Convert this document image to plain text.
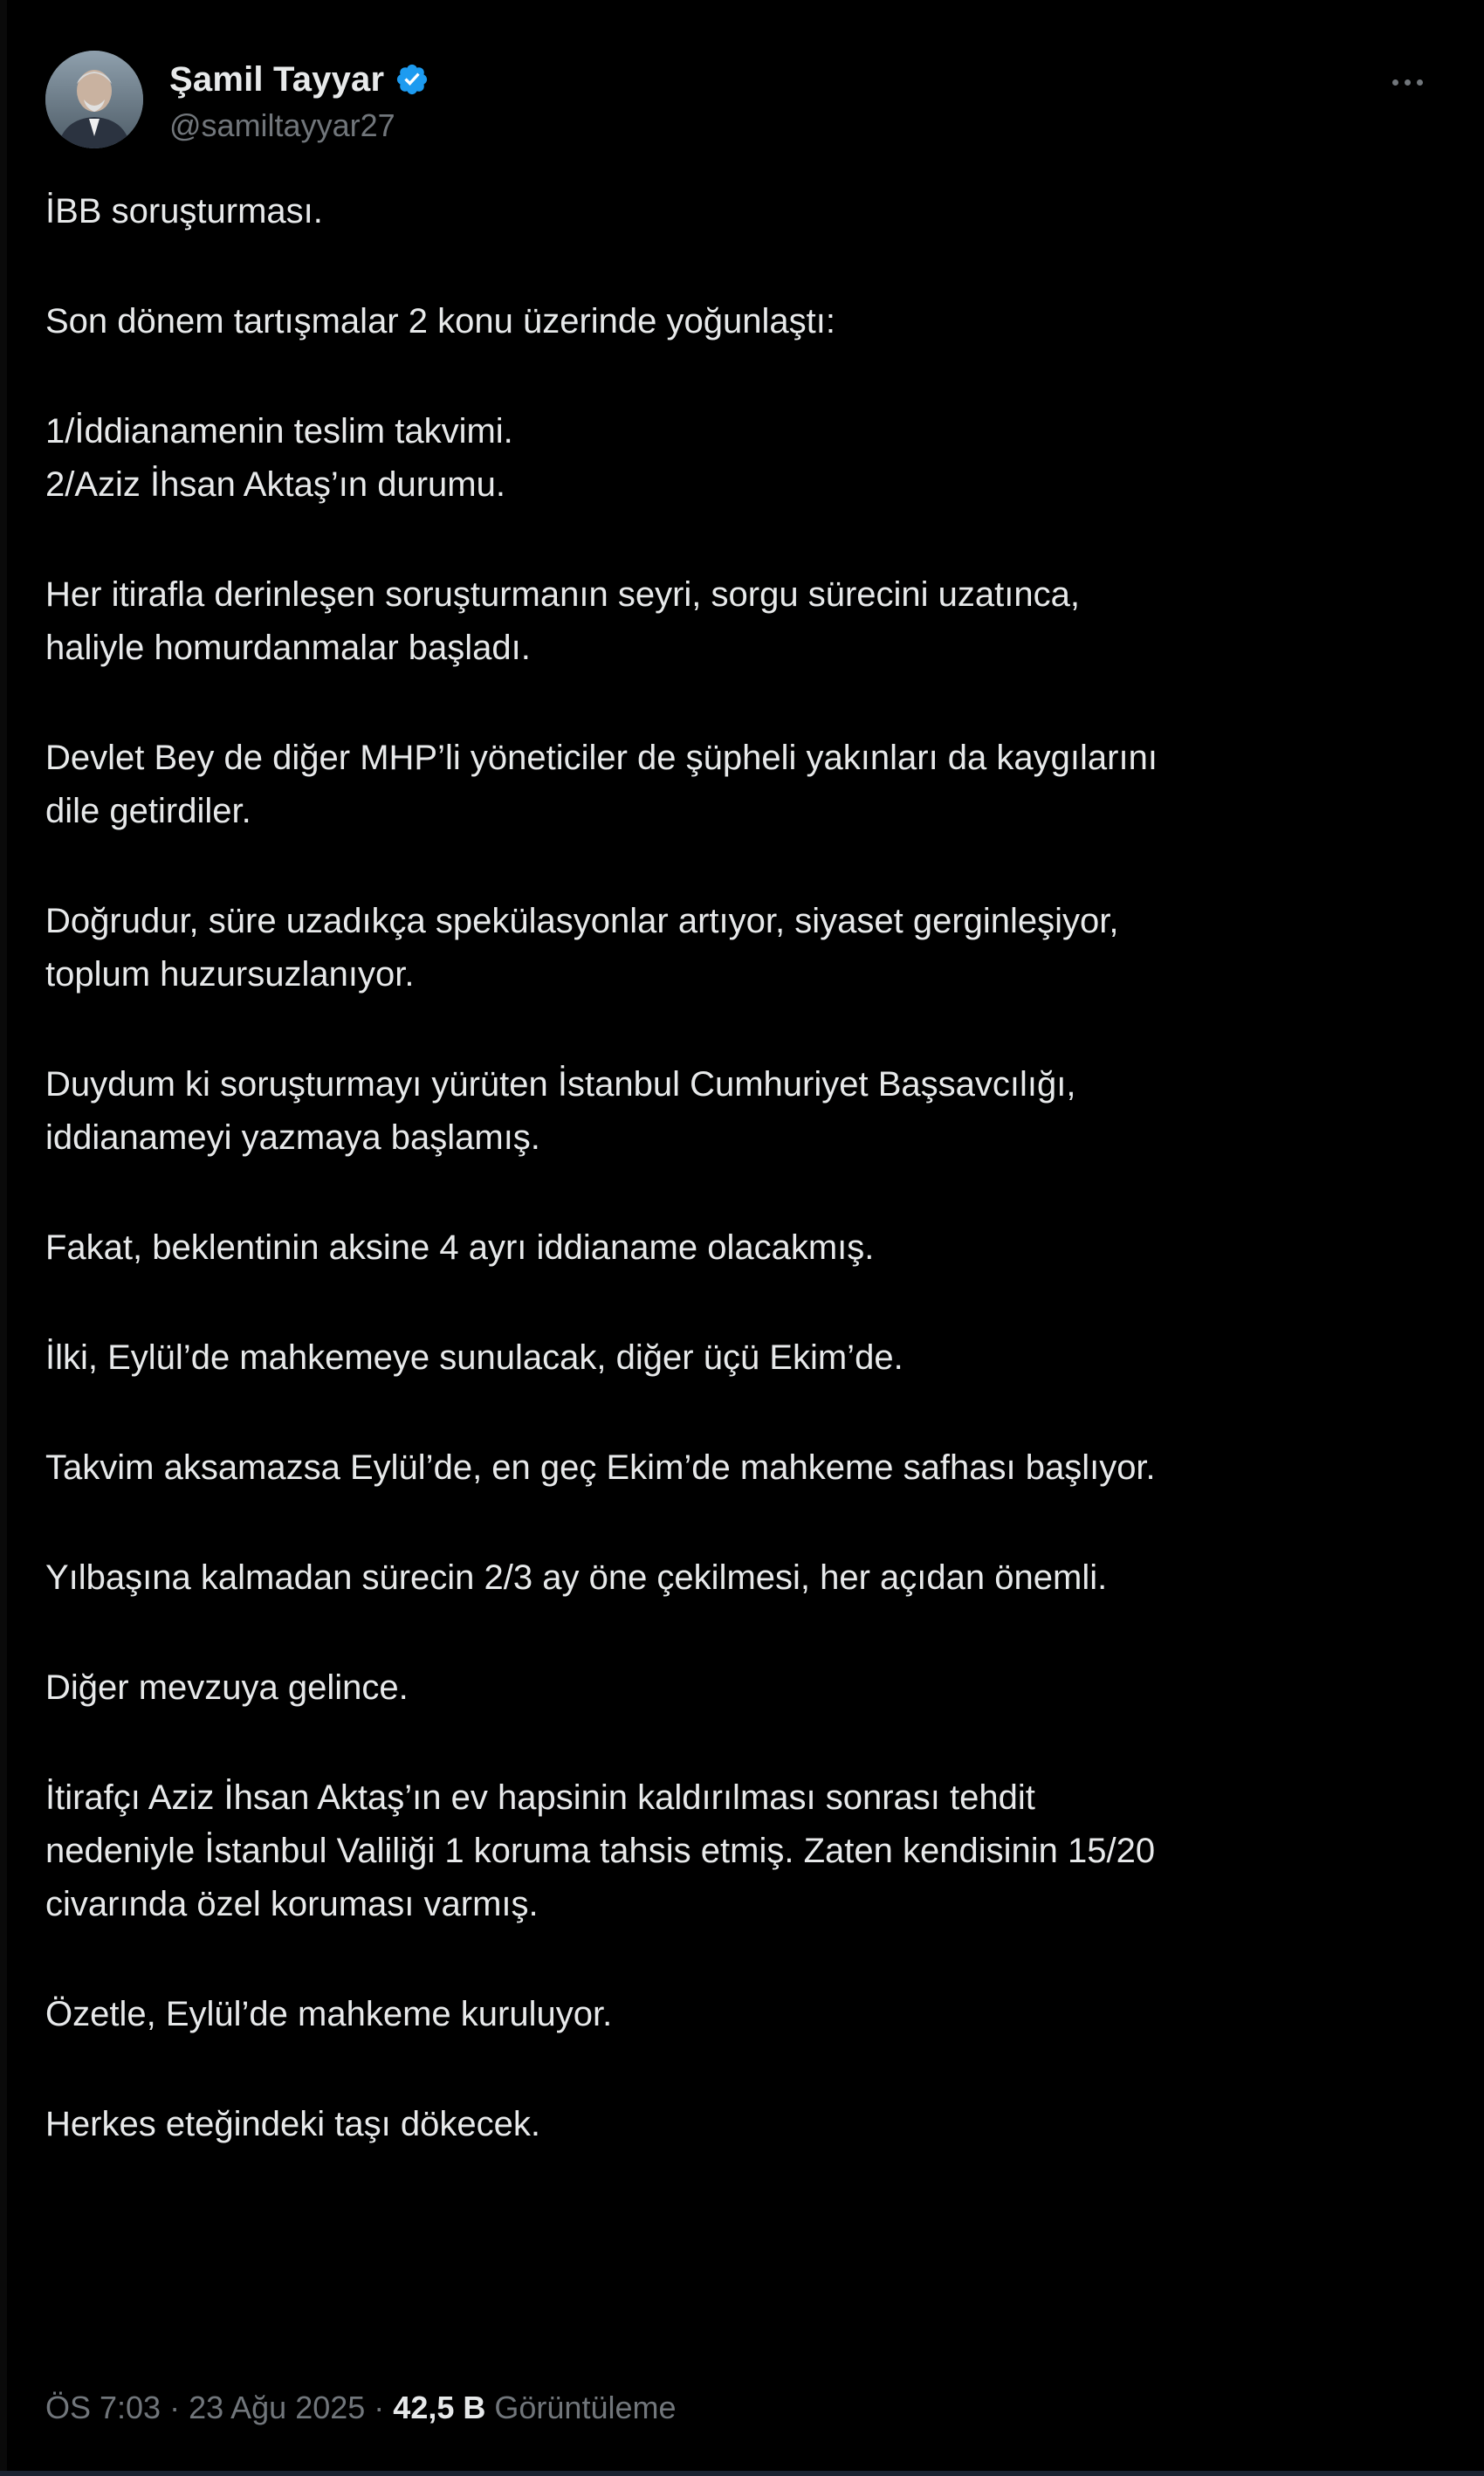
Şamil Tayyar
@samiltayyar27
İBB soruşturması.
Son dönem tartışmalar 2 konu üzerinde yoğunlaştı:
1/İddianamenin teslim takvimi.
2/Aziz İhsan Aktaş’ın durumu.
Her itirafla derinleşen soruşturmanın seyri, sorgu sürecini uzatınca,
haliyle homurdanmalar başladı.
Devlet Bey de diğer MHP’li yöneticiler de şüpheli yakınları da kaygılarını
dile getirdiler.
Doğrudur, süre uzadıkça spekülasyonlar artıyor, siyaset gerginleşiyor,
toplum huzursuzlanıyor.
Duydum ki soruşturmayı yürüten İstanbul Cumhuriyet Başsavcılığı,
iddianameyi yazmaya başlamış.
Fakat, beklentinin aksine 4 ayrı iddianame olacakmış.
İlki, Eylül’de mahkemeye sunulacak, diğer üçü Ekim’de.
Takvim aksamazsa Eylül’de, en geç Ekim’de mahkeme safhası başlıyor.
Yılbaşına kalmadan sürecin 2/3 ay öne çekilmesi, her açıdan önemli.
Diğer mevzuya gelince.
İtirafçı Aziz İhsan Aktaş’ın ev hapsinin kaldırılması sonrası tehdit
nedeniyle İstanbul Valiliği 1 koruma tahsis etmiş. Zaten kendisinin 15/20
civarında özel koruması varmış.
Özetle, Eylül’de mahkeme kuruluyor.
Herkes eteğindeki taşı dökecek.
ÖS 7:03 · 23 Ağu 2025 · 42,5 B Görüntüleme
